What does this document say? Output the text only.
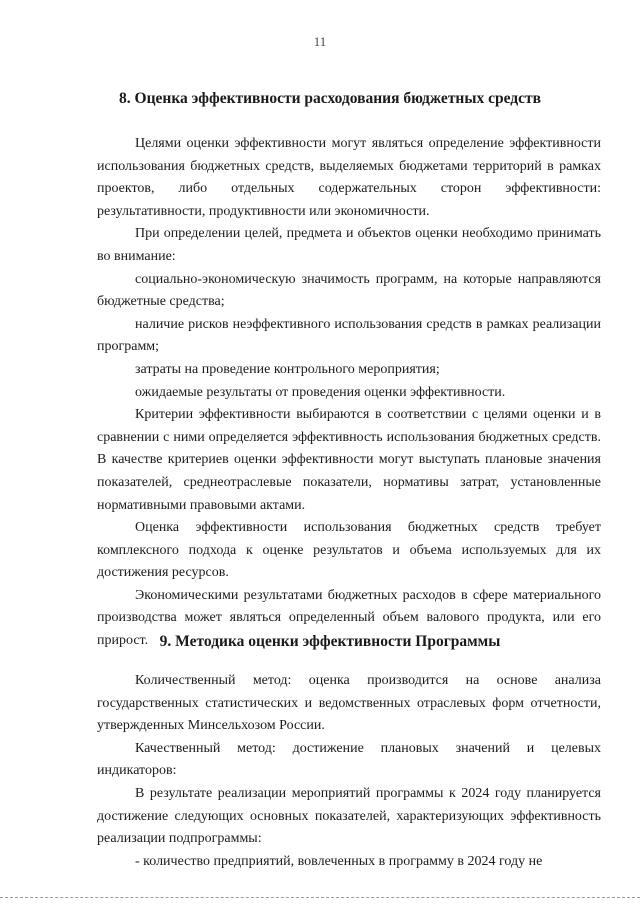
11
8. Оценка эффективности расходования бюджетных средств

Целями оценки эффективности могут являться определение эффективности использования бюджетных средств, выделяемых бюджетами территорий в рамках проектов, либо отдельных содержательных сторон эффективности: результативности, продуктивности или экономичности.

При определении целей, предмета и объектов оценки необходимо принимать во внимание:

социально-экономическую значимость программ, на которые направляются бюджетные средства;

наличие рисков неэффективного использования средств в рамках реализации программ;

затраты на проведение контрольного мероприятия;

ожидаемые результаты от проведения оценки эффективности.

Критерии эффективности выбираются в соответствии с целями оценки и в сравнении с ними определяется эффективность использования бюджетных средств. В качестве критериев оценки эффективности могут выступать плановые значения показателей, среднеотраслевые показатели, нормативы затрат, установленные нормативными правовыми актами.

Оценка эффективности использования бюджетных средств требует комплексного подхода к оценке результатов и объема используемых для их достижения ресурсов.

Экономическими результатами бюджетных расходов в сфере материального производства может являться определенный объем валового продукта, или его прирост. 9. Методика оценки эффективности Программы

Количественный метод: оценка производится на основе анализа государственных статистических и ведомственных отраслевых форм отчетности, утвержденных Минсельхозом России.

Качественный метод: достижение плановых значений и целевых индикаторов:

В результате реализации мероприятий программы к 2024 году планируется достижение следующих основных показателей, характеризующих эффективность реализации подпрограммы:

- количество предприятий, вовлеченных в программу в 2024 году не
